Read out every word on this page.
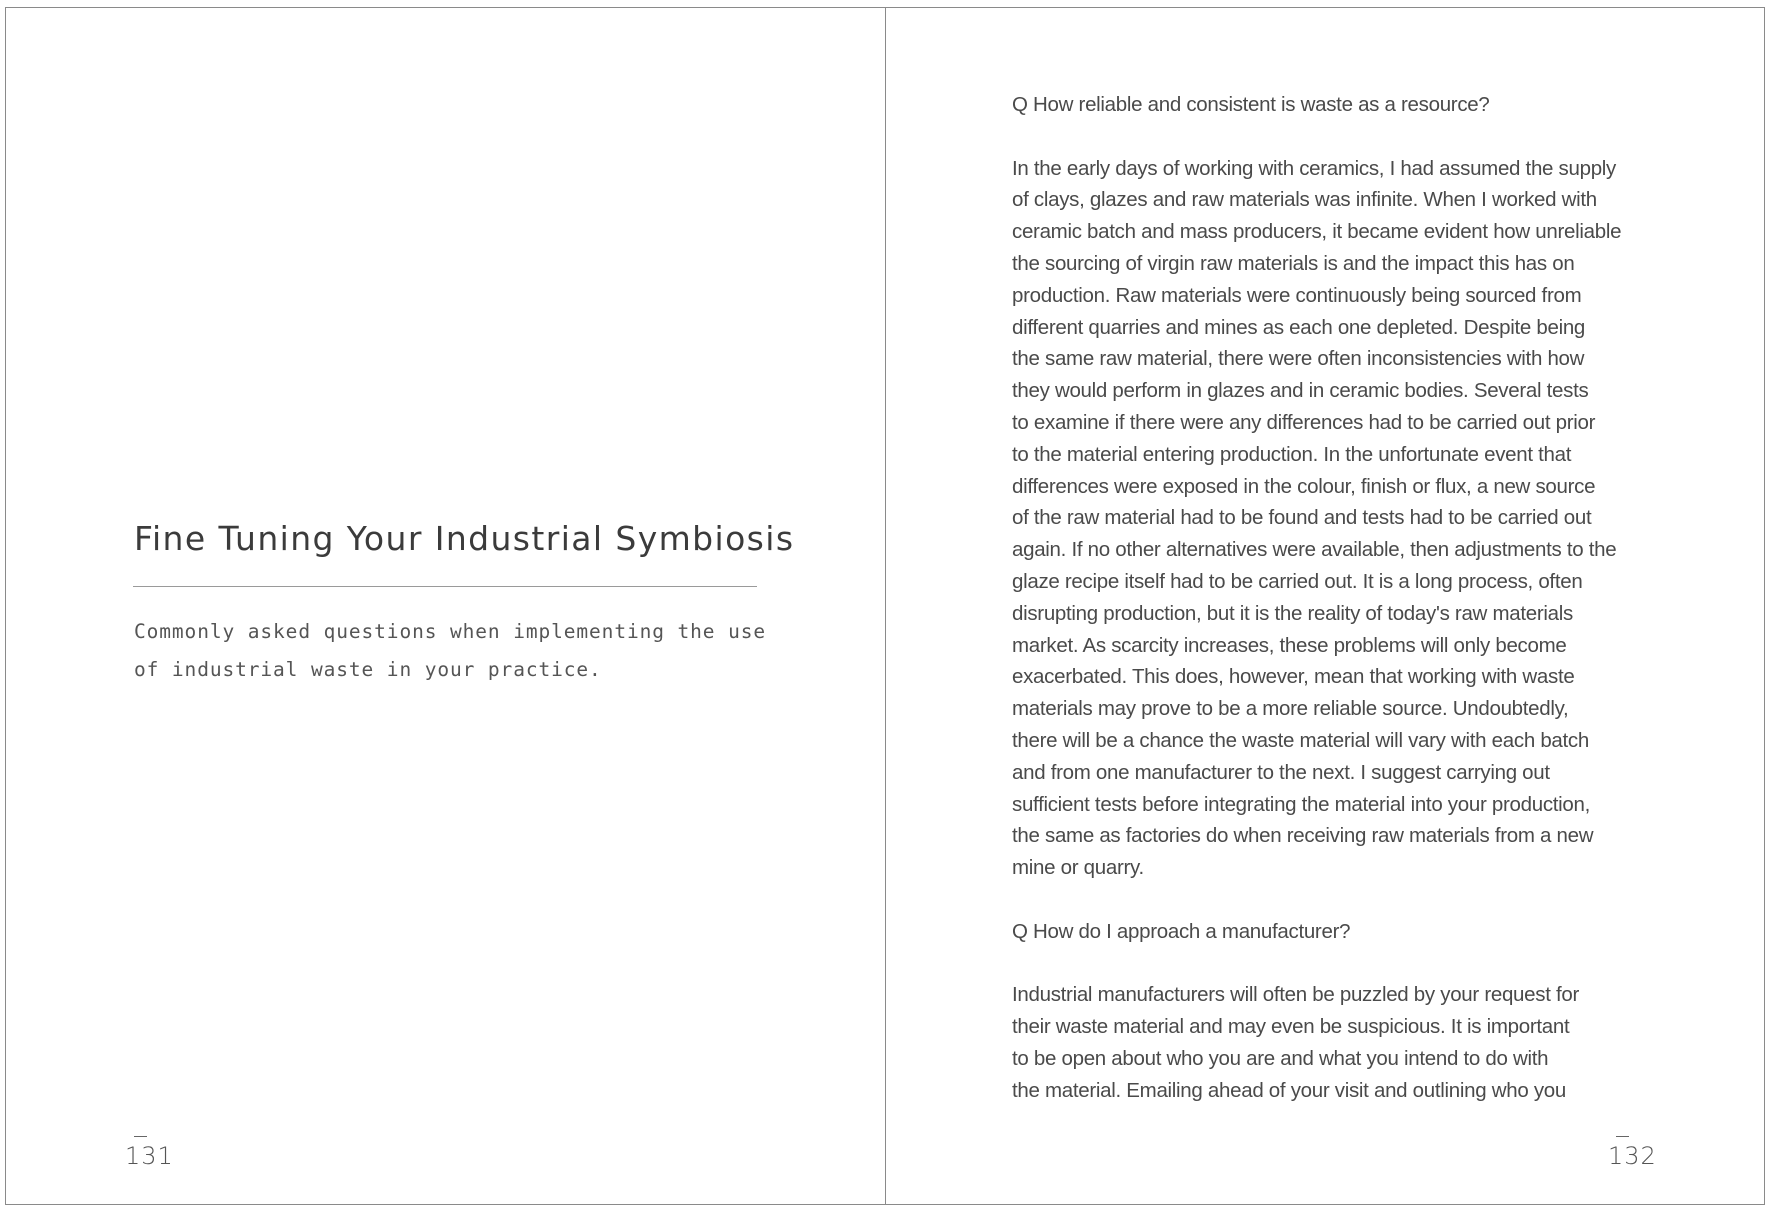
Fine Tuning Your Industrial Symbiosis

Commonly asked questions when implementing the use
of industrial waste in your practice.

131

Q How reliable and consistent is waste as a resource?

In the early days of working with ceramics, I had assumed the supply
of clays, glazes and raw materials was infinite. When I worked with
ceramic batch and mass producers, it became evident how unreliable
the sourcing of virgin raw materials is and the impact this has on
production. Raw materials were continuously being sourced from
different quarries and mines as each one depleted. Despite being
the same raw material, there were often inconsistencies with how
they would perform in glazes and in ceramic bodies. Several tests
to examine if there were any differences had to be carried out prior
to the material entering production. In the unfortunate event that
differences were exposed in the colour, finish or flux, a new source
of the raw material had to be found and tests had to be carried out
again. If no other alternatives were available, then adjustments to the
glaze recipe itself had to be carried out. It is a long process, often
disrupting production, but it is the reality of today's raw materials
market. As scarcity increases, these problems will only become
exacerbated. This does, however, mean that working with waste
materials may prove to be a more reliable source. Undoubtedly,
there will be a chance the waste material will vary with each batch
and from one manufacturer to the next. I suggest carrying out
sufficient tests before integrating the material into your production,
the same as factories do when receiving raw materials from a new
mine or quarry.

Q How do I approach a manufacturer?

Industrial manufacturers will often be puzzled by your request for
their waste material and may even be suspicious. It is important
to be open about who you are and what you intend to do with
the material. Emailing ahead of your visit and outlining who you

132
